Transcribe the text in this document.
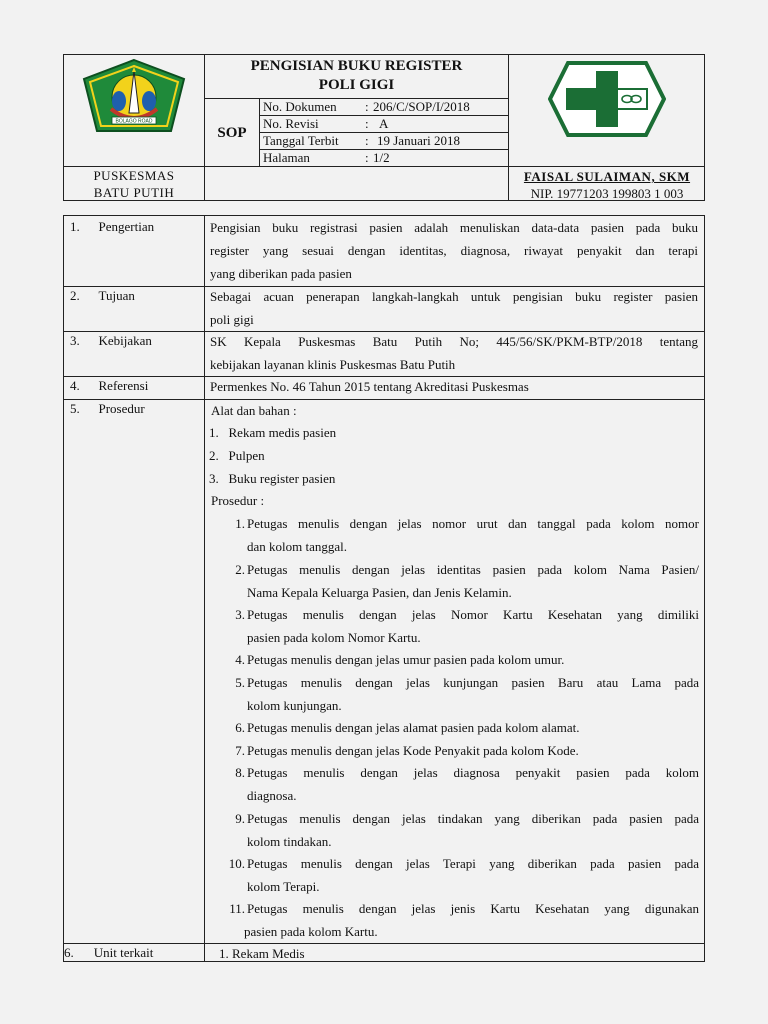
BOLAGO ROAD
PENGISIAN BUKU REGISTER
POLI GIGI
SOP
No. Dokumen : 206/C/SOP/I/2018
No. Revisi	: A
Tanggal Terbit : 19 Januari 2018
Halaman	: 1/2
PUSKESMAS
BATU PUTIH
FAISAL SULAIMAN, SKM
NIP. 19771203 199803 1 003
1. Pengertian
2. Tujuan
3. Kebijakan
4. Referensi
5. Prosedur
6. Unit terkait
Pengisian buku registrasi pasien adalah menuliskan data-data pasien pada buku
register yang sesuai dengan identitas, diagnosa, riwayat penyakit dan terapi
yang diberikan pada pasien
Sebagai acuan penerapan langkah-langkah untuk pengisian buku register pasien
poli gigi
SK Kepala Puskesmas Batu Putih No; 445/56/SK/PKM-BTP/2018 tentang
kebijakan layanan klinis Puskesmas Batu Putih
Permenkes No. 46 Tahun 2015 tentang Akreditasi Puskesmas
Alat dan bahan :
1. Rekam medis pasien
2. Pulpen
3. Buku register pasien
Prosedur :
1. Petugas menulis dengan jelas nomor urut dan tanggal pada kolom nomor
dan kolom tanggal.
2. Petugas menulis dengan jelas identitas pasien pada kolom Nama Pasien/
Nama Kepala Keluarga Pasien, dan Jenis Kelamin.
3. Petugas menulis dengan jelas Nomor Kartu Kesehatan yang dimiliki
pasien pada kolom Nomor Kartu.
4. Petugas menulis dengan jelas umur pasien pada kolom umur.
5. Petugas menulis dengan jelas kunjungan pasien Baru atau Lama pada
kolom kunjungan.
6. Petugas menulis dengan jelas alamat pasien pada kolom alamat.
7. Petugas menulis dengan jelas Kode Penyakit pada kolom Kode.
8. Petugas menulis dengan jelas diagnosa penyakit pasien pada kolom
diagnosa.
9. Petugas menulis dengan jelas tindakan yang diberikan pada pasien pada
kolom tindakan.
10. Petugas menulis dengan jelas Terapi yang diberikan pada pasien pada
kolom Terapi.
11. Petugas menulis dengan jelas jenis Kartu Kesehatan yang digunakan
pasien pada kolom Kartu.
1. Rekam Medis
